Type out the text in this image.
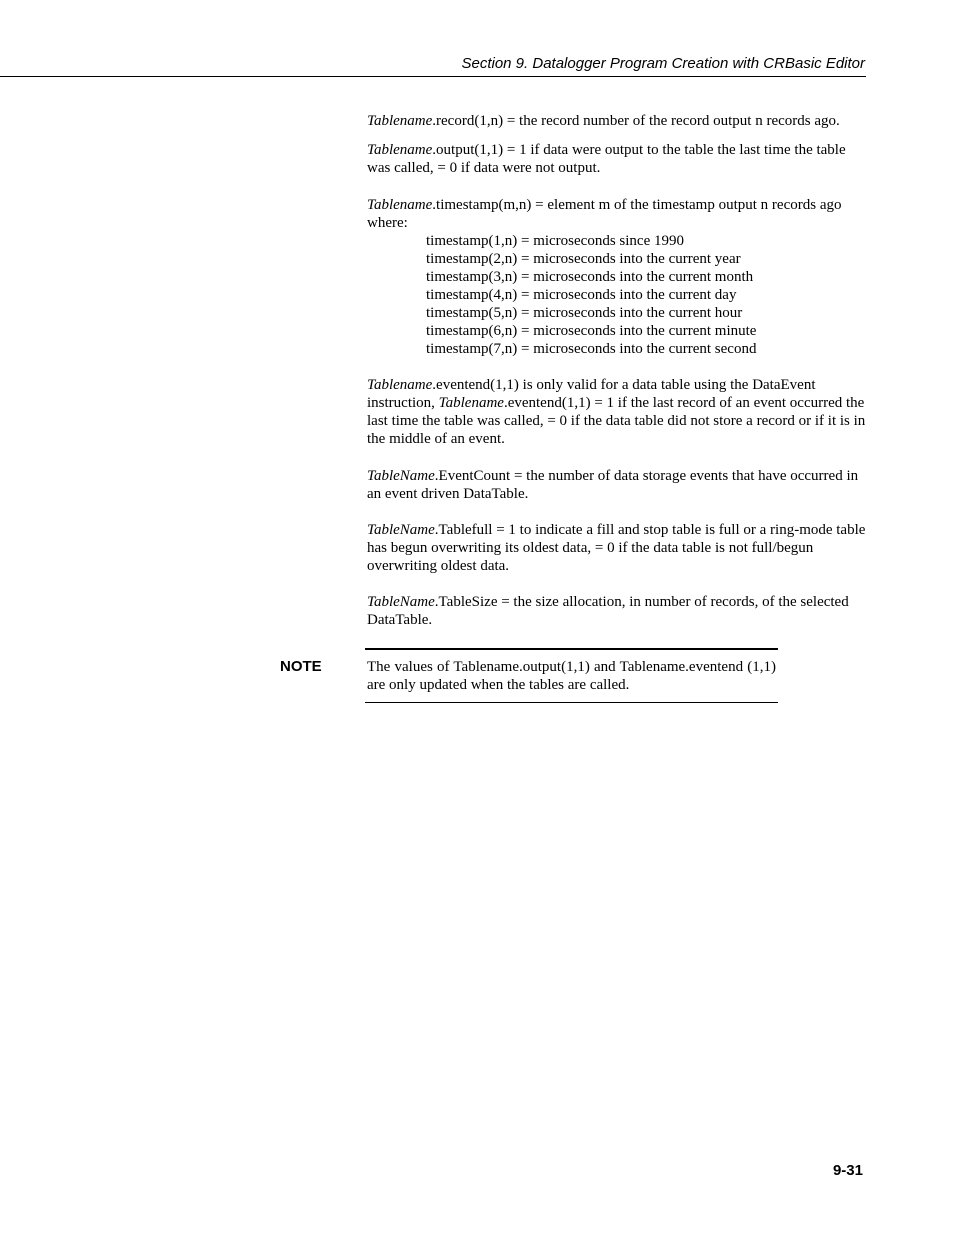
Section 9. Datalogger Program Creation with CRBasic Editor

Tablename.record(1,n) = the record number of the record output n records ago.

Tablename.output(1,1) = 1 if data were output to the table the last time the table was called, = 0 if data were not output.

Tablename.timestamp(m,n) = element m of the timestamp output n records ago where:

timestamp(1,n) = microseconds since 1990
timestamp(2,n) = microseconds into the current year
timestamp(3,n) = microseconds into the current month
timestamp(4,n) = microseconds into the current day
timestamp(5,n) = microseconds into the current hour
timestamp(6,n) = microseconds into the current minute
timestamp(7,n) = microseconds into the current second

Tablename.eventend(1,1) is only valid for a data table using the DataEvent instruction, Tablename.eventend(1,1) = 1 if the last record of an event occurred the last time the table was called, = 0 if the data table did not store a record or if it is in the middle of an event.

TableName.EventCount = the number of data storage events that have occurred in an event driven DataTable.

TableName.Tablefull = 1 to indicate a fill and stop table is full or a ring-mode table has begun overwriting its oldest data, = 0 if the data table is not full/begun overwriting oldest data.

TableName.TableSize = the size allocation, in number of records, of the selected DataTable.

NOTE	The values of Tablename.output(1,1) and Tablename.eventend (1,1) are only updated when the tables are called.
9-31
